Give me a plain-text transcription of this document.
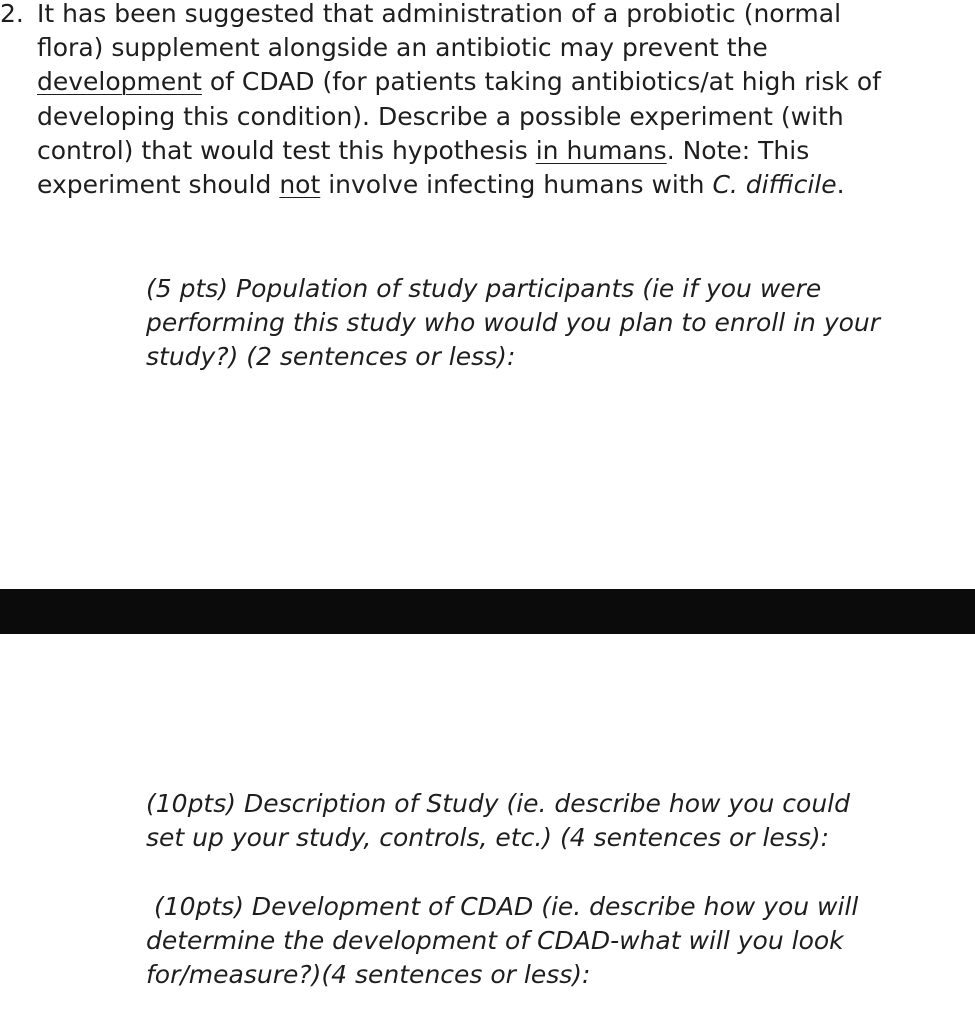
2. It has been suggested that administration of a probiotic (normal
flora) supplement alongside an antibiotic may prevent the
development of CDAD (for patients taking antibiotics/at high risk of
developing this condition). Describe a possible experiment (with
control) that would test this hypothesis in humans. Note: This
experiment should not involve infecting humans with C. difficile.
(5 pts) Population of study participants (ie if you were
performing this study who would you plan to enroll in your
study?) (2 sentences or less):
(10pts) Description of Study (ie. describe how you could
set up your study, controls, etc.) (4 sentences or less):
(10pts) Development of CDAD (ie. describe how you will
determine the development of CDAD-what will you look
for/measure?)(4 sentences or less):
